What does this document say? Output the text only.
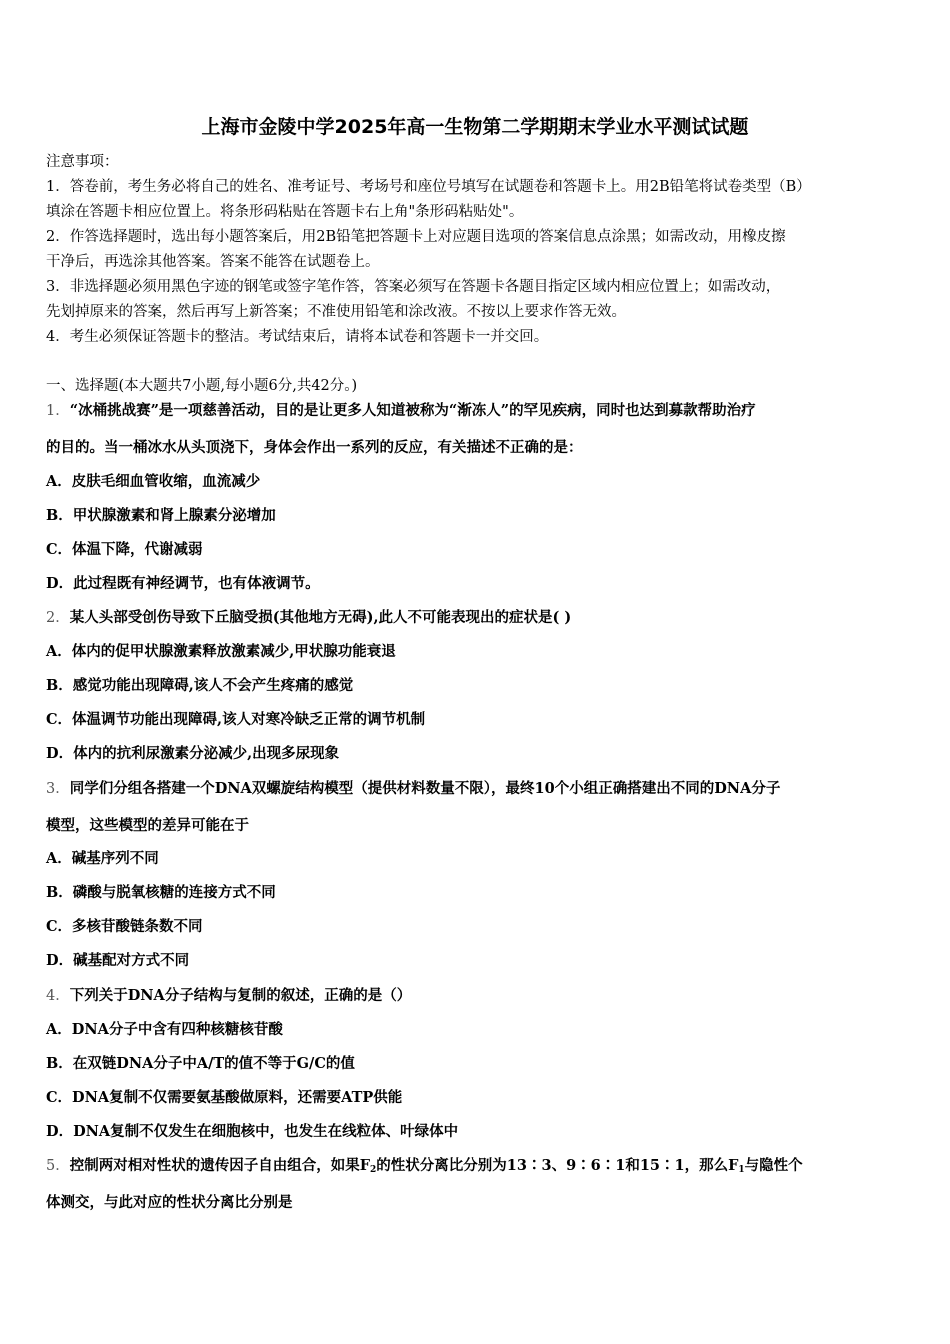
上海市金陵中学2025年高一生物第二学期期末学业水平测试试题
注意事项：
1．答卷前，考生务必将自己的姓名、准考证号、考场号和座位号填写在试题卷和答题卡上。用2B铅笔将试卷类型（B）
填涂在答题卡相应位置上。将条形码粘贴在答题卡右上角"条形码粘贴处"。
2．作答选择题时，选出每小题答案后，用2B铅笔把答题卡上对应题目选项的答案信息点涂黑；如需改动，用橡皮擦
干净后，再选涂其他答案。答案不能答在试题卷上。
3．非选择题必须用黑色字迹的钢笔或签字笔作答，答案必须写在答题卡各题目指定区域内相应位置上；如需改动，
先划掉原来的答案，然后再写上新答案；不准使用铅笔和涂改液。不按以上要求作答无效。
4．考生必须保证答题卡的整洁。考试结束后，请将本试卷和答题卡一并交回。
一、选择题(本大题共7小题,每小题6分,共42分。)
1．“冰桶挑战赛”是一项慈善活动，目的是让更多人知道被称为“渐冻人”的罕见疾病，同时也达到募款帮助治疗
的目的。当一桶冰水从头顶浇下，身体会作出一系列的反应，有关描述不正确的是：
A．皮肤毛细血管收缩，血流减少
B．甲状腺激素和肾上腺素分泌增加
C．体温下降，代谢减弱
D．此过程既有神经调节，也有体液调节。
2．某人头部受创伤导致下丘脑受损(其他地方无碍),此人不可能表现出的症状是( )
A．体内的促甲状腺激素释放激素减少,甲状腺功能衰退
B．感觉功能出现障碍,该人不会产生疼痛的感觉
C．体温调节功能出现障碍,该人对寒冷缺乏正常的调节机制
D．体内的抗利尿激素分泌减少,出现多尿现象
3．同学们分组各搭建一个DNA双螺旋结构模型（提供材料数量不限），最终10个小组正确搭建出不同的DNA分子
模型，这些模型的差异可能在于
A．碱基序列不同
B．磷酸与脱氧核糖的连接方式不同
C．多核苷酸链条数不同
D．碱基配对方式不同
4．下列关于DNA分子结构与复制的叙述，正确的是（）
A．DNA分子中含有四种核糖核苷酸
B．在双链DNA分子中A/T的值不等于G/C的值
C．DNA复制不仅需要氨基酸做原料，还需要ATP供能
D．DNA复制不仅发生在细胞核中，也发生在线粒体、叶绿体中
5．控制两对相对性状的遗传因子自由组合，如果$F_2$的性状分离比分别为13∶3、9∶6∶1和15∶1，那么$F_1$与隐性个
体测交，与此对应的性状分离比分别是
